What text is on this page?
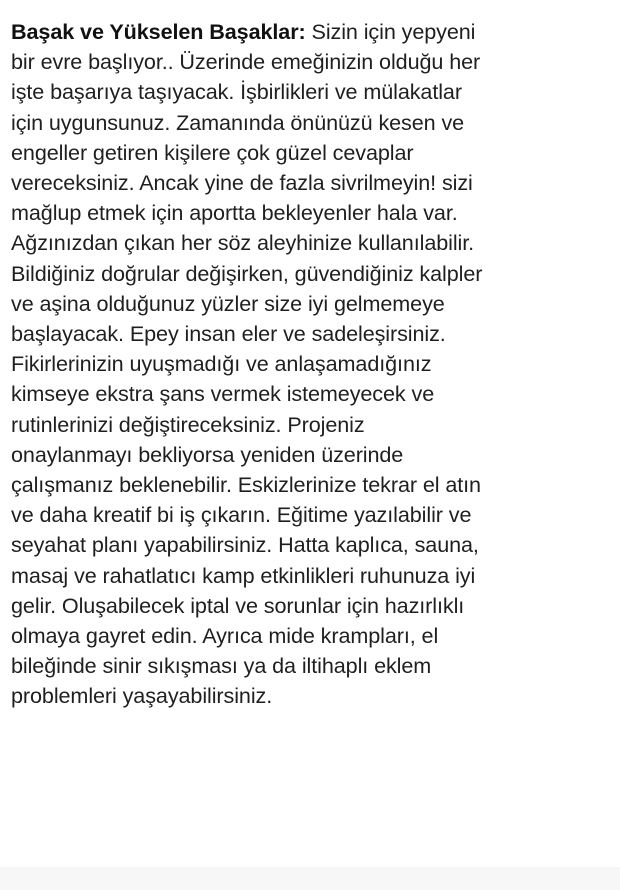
Başak ve Yükselen Başaklar: Sizin için yepyeni
bir evre başlıyor.. Üzerinde emeğinizin olduğu her
işte başarıya taşıyacak. İşbirlikleri ve mülakatlar
için uygunsunuz. Zamanında önünüzü kesen ve
engeller getiren kişilere çok güzel cevaplar
vereceksiniz. Ancak yine de fazla sivrilmeyin! sizi
mağlup etmek için aportta bekleyenler hala var.
Ağzınızdan çıkan her söz aleyhinize kullanılabilir.
Bildiğiniz doğrular değişirken, güvendiğiniz kalpler
ve aşina olduğunuz yüzler size iyi gelmemeye
başlayacak. Epey insan eler ve sadeleşirsiniz.
Fikirlerinizin uyuşmadığı ve anlaşamadığınız
kimseye ekstra şans vermek istemeyecek ve
rutinlerinizi değiştireceksiniz. Projeniz
onaylanmayı bekliyorsa yeniden üzerinde
çalışmanız beklenebilir. Eskizlerinize tekrar el atın
ve daha kreatif bi iş çıkarın. Eğitime yazılabilir ve
seyahat planı yapabilirsiniz. Hatta kaplıca, sauna,
masaj ve rahatlatıcı kamp etkinlikleri ruhunuza iyi
gelir. Oluşabilecek iptal ve sorunlar için hazırlıklı
olmaya gayret edin. Ayrıca mide krampları, el
bileğinde sinir sıkışması ya da iltihaplı eklem
problemleri yaşayabilirsiniz.
